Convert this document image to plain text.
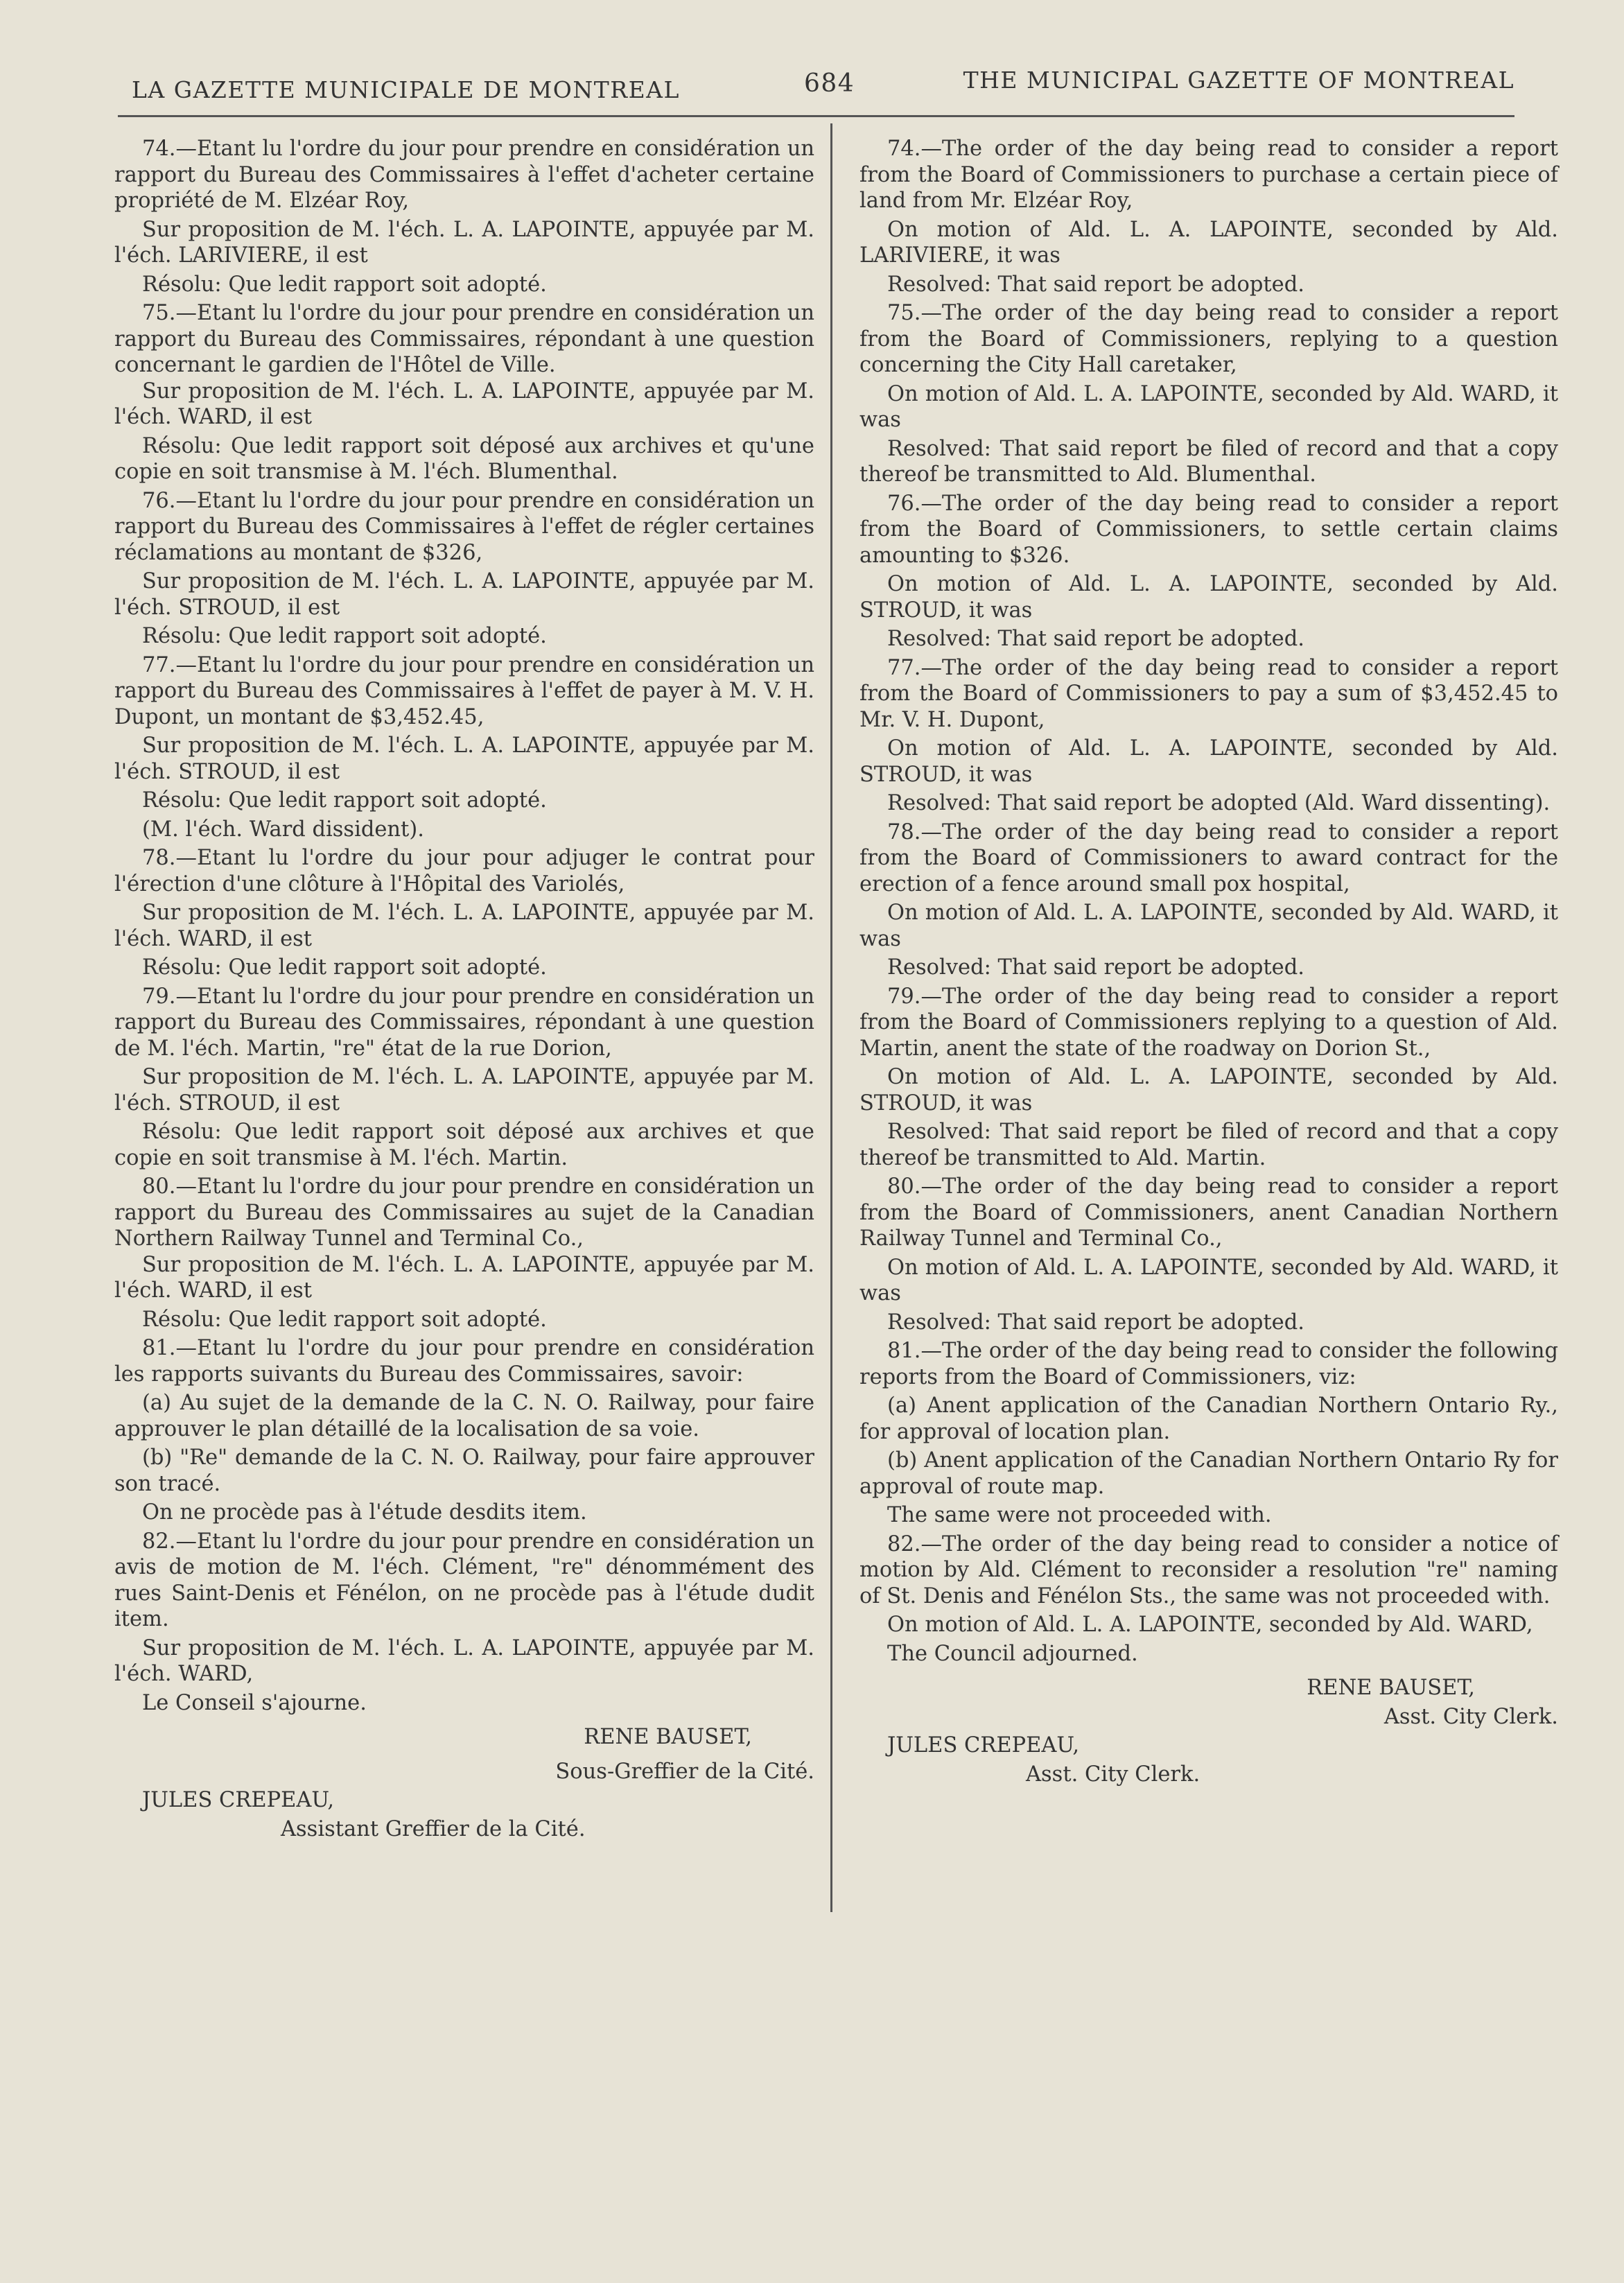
LA GAZETTE MUNICIPALE DE MONTREAL	684	THE MUNICIPAL GAZETTE OF MONTREAL

74.—Etant lu l'ordre du jour pour prendre en considération un rapport du Bureau des Commissaires à l'effet d'acheter certaine propriété de M. Elzéar Roy,

Sur proposition de M. l'éch. L. A. LAPOINTE, appuyée par M. l'éch. LARIVIERE, il est

Résolu: Que ledit rapport soit adopté.

75.—Etant lu l'ordre du jour pour prendre en considération un rapport du Bureau des Commissaires, répondant à une question concernant le gardien de l'Hôtel de Ville.

Sur proposition de M. l'éch. L. A. LAPOINTE, appuyée par M. l'éch. WARD, il est

Résolu: Que ledit rapport soit déposé aux archives et qu'une copie en soit transmise à M. l'éch. Blumenthal.

76.—Etant lu l'ordre du jour pour prendre en considération un rapport du Bureau des Commissaires à l'effet de régler certaines réclamations au montant de $326,

Sur proposition de M. l'éch. L. A. LAPOINTE, appuyée par M. l'éch. STROUD, il est

Résolu: Que ledit rapport soit adopté.

77.—Etant lu l'ordre du jour pour prendre en considération un rapport du Bureau des Commissaires à l'effet de payer à M. V. H. Dupont, un montant de $3,452.45,

Sur proposition de M. l'éch. L. A. LAPOINTE, appuyée par M. l'éch. STROUD, il est

Résolu: Que ledit rapport soit adopté.

(M. l'éch. Ward dissident).

78.—Etant lu l'ordre du jour pour adjuger le contrat pour l'érection d'une clôture à l'Hôpital des Variolés,

Sur proposition de M. l'éch. L. A. LAPOINTE, appuyée par M. l'éch. WARD, il est

Résolu: Que ledit rapport soit adopté.

79.—Etant lu l'ordre du jour pour prendre en considération un rapport du Bureau des Commissaires, répondant à une question de M. l'éch. Martin, "re" état de la rue Dorion,

Sur proposition de M. l'éch. L. A. LAPOINTE, appuyée par M. l'éch. STROUD, il est

Résolu: Que ledit rapport soit déposé aux archives et que copie en soit transmise à M. l'éch. Martin.

80.—Etant lu l'ordre du jour pour prendre en considération un rapport du Bureau des Commissaires au sujet de la Canadian Northern Railway Tunnel and Terminal Co.,

Sur proposition de M. l'éch. L. A. LAPOINTE, appuyée par M. l'éch. WARD, il est

Résolu: Que ledit rapport soit adopté.

81.—Etant lu l'ordre du jour pour prendre en considération les rapports suivants du Bureau des Commissaires, savoir:

(a) Au sujet de la demande de la C. N. O. Railway, pour faire approuver le plan détaillé de la localisation de sa voie.

(b) "Re" demande de la C. N. O. Railway, pour faire approuver son tracé.

On ne procède pas à l'étude desdits item.

82.—Etant lu l'ordre du jour pour prendre en considération un avis de motion de M. l'éch. Clément, "re" dénommément des rues Saint-Denis et Fénélon, on ne procède pas à l'étude dudit item.

Sur proposition de M. l'éch. L. A. LAPOINTE, appuyée par M. l'éch. WARD,

Le Conseil s'ajourne.

RENE BAUSET,

Sous-Greffier de la Cité.

JULES CREPEAU,

Assistant Greffier de la Cité.

74.—The order of the day being read to consider a report from the Board of Commissioners to purchase a certain piece of land from Mr. Elzéar Roy,

On motion of Ald. L. A. LAPOINTE, seconded by Ald. LARIVIERE, it was

Resolved: That said report be adopted.

75.—The order of the day being read to consider a report from the Board of Commissioners, replying to a question concerning the City Hall caretaker,

On motion of Ald. L. A. LAPOINTE, seconded by Ald. WARD, it was

Resolved: That said report be filed of record and that a copy thereof be transmitted to Ald. Blumenthal.

76.—The order of the day being read to consider a report from the Board of Commissioners, to settle certain claims amounting to $326.

On motion of Ald. L. A. LAPOINTE, seconded by Ald. STROUD, it was

Resolved: That said report be adopted.

77.—The order of the day being read to consider a report from the Board of Commissioners to pay a sum of $3,452.45 to Mr. V. H. Dupont,

On motion of Ald. L. A. LAPOINTE, seconded by Ald. STROUD, it was

Resolved: That said report be adopted (Ald. Ward dissenting).

78.—The order of the day being read to consider a report from the Board of Commissioners to award contract for the erection of a fence around small pox hospital,

On motion of Ald. L. A. LAPOINTE, seconded by Ald. WARD, it was

Resolved: That said report be adopted.

79.—The order of the day being read to consider a report from the Board of Commissioners replying to a question of Ald. Martin, anent the state of the roadway on Dorion St.,

On motion of Ald. L. A. LAPOINTE, seconded by Ald. STROUD, it was

Resolved: That said report be filed of record and that a copy thereof be transmitted to Ald. Martin.

80.—The order of the day being read to consider a report from the Board of Commissioners, anent Canadian Northern Railway Tunnel and Terminal Co.,

On motion of Ald. L. A. LAPOINTE, seconded by Ald. WARD, it was

Resolved: That said report be adopted.

81.—The order of the day being read to consider the following reports from the Board of Commissioners, viz:

(a) Anent application of the Canadian Northern Ontario Ry., for approval of location plan.

(b) Anent application of the Canadian Northern Ontario Ry for approval of route map.

The same were not proceeded with.

82.—The order of the day being read to consider a notice of motion by Ald. Clément to reconsider a resolution "re" naming of St. Denis and Fénélon Sts., the same was not proceeded with.

On motion of Ald. L. A. LAPOINTE, seconded by Ald. WARD,

The Council adjourned.

RENE BAUSET,

Asst. City Clerk.

JULES CREPEAU,

Asst. City Clerk.
